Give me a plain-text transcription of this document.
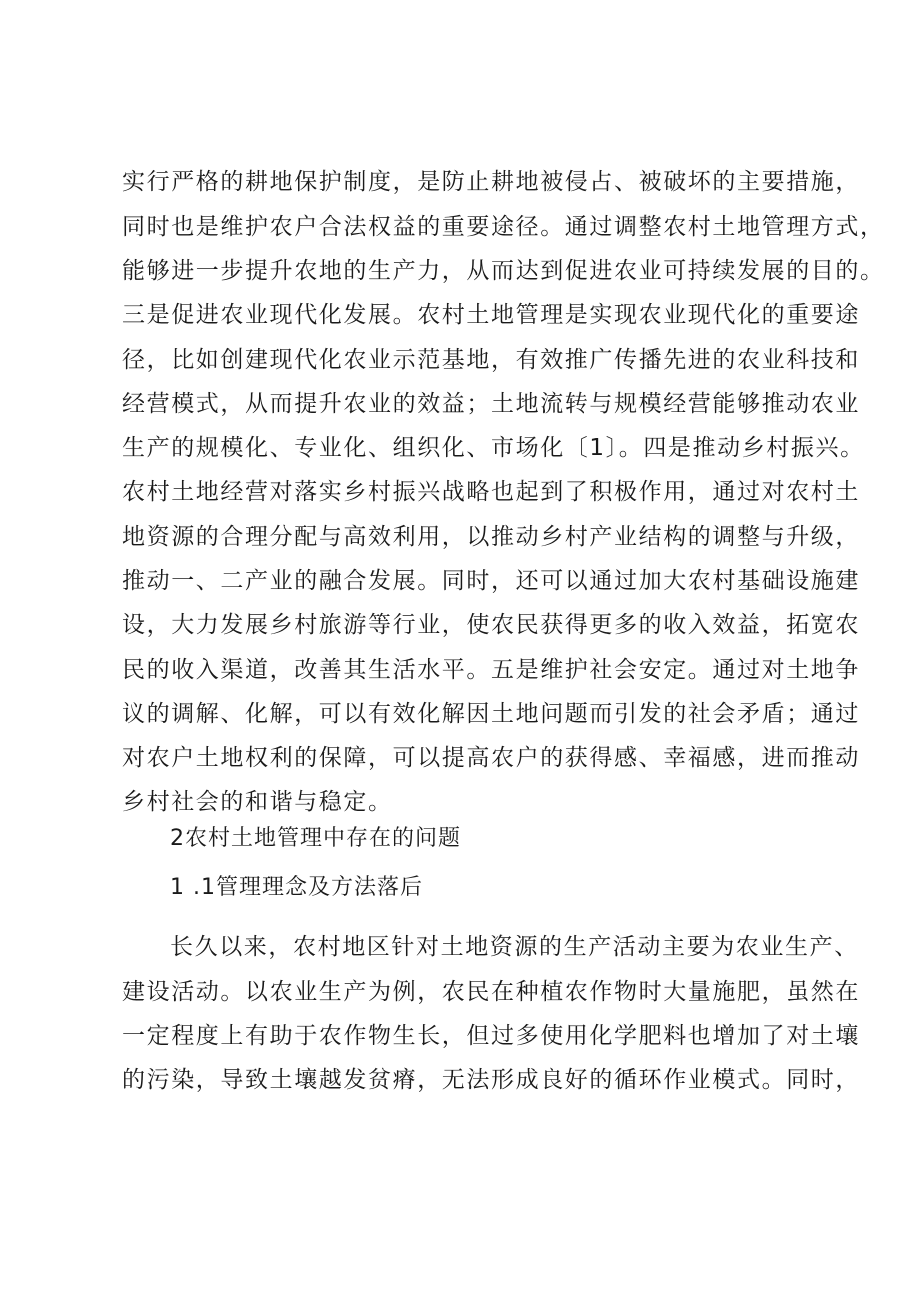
实行严格的耕地保护制度，是防止耕地被侵占、被破坏的主要措施，
同时也是维护农户合法权益的重要途径。通过调整农村土地管理方式，
能够进一步提升农地的生产力，从而达到促进农业可持续发展的目的。
三是促进农业现代化发展。农村土地管理是实现农业现代化的重要途
径，比如创建现代化农业示范基地，有效推广传播先进的农业科技和
经营模式，从而提升农业的效益；土地流转与规模经营能够推动农业
生产的规模化、专业化、组织化、市场化〔1〕。四是推动乡村振兴。
农村土地经营对落实乡村振兴战略也起到了积极作用，通过对农村土
地资源的合理分配与高效利用，以推动乡村产业结构的调整与升级，
推动一、二产业的融合发展。同时，还可以通过加大农村基础设施建
设，大力发展乡村旅游等行业，使农民获得更多的收入效益，拓宽农
民的收入渠道，改善其生活水平。五是维护社会安定。通过对土地争
议的调解、化解，可以有效化解因土地问题而引发的社会矛盾；通过
对农户土地权利的保障，可以提高农户的获得感、幸福感，进而推动
乡村社会的和谐与稳定。
2农村土地管理中存在的问题
1 .1管理理念及方法落后
长久以来，农村地区针对土地资源的生产活动主要为农业生产、
建设活动。以农业生产为例，农民在种植农作物时大量施肥，虽然在
一定程度上有助于农作物生长，但过多使用化学肥料也增加了对土壤
的污染，导致土壤越发贫瘠，无法形成良好的循环作业模式。同时，
